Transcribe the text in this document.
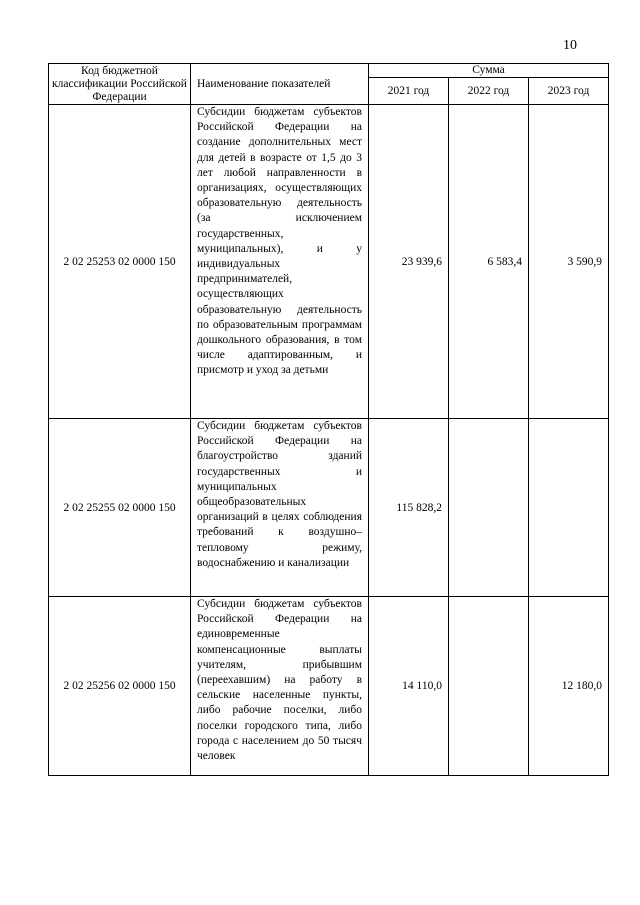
10
Код бюджетной классификации Российской Федерации	Наименование показателей	Сумма		
		2021 год	2022 год	2023 год
2 02 25253 02 0000 150	Субсидии бюджетам субъектов Российской Федерации на создание дополнительных мест для детей в возрасте от 1,5 до 3 лет любой направленности в организациях, осуществляющих образовательную деятельность (за исключением государственных, муниципальных), и у индивидуальных предпринимателей, осуществляющих образовательную деятельность по образовательным программам дошкольного образования, в том числе адаптированным, и присмотр и уход за детьми	23 939,6	6 583,4	3 590,9
2 02 25255 02 0000 150	Субсидии бюджетам субъектов Российской Федерации на благоустройство зданий государственных и муниципальных общеобразовательных организаций в целях соблюдения требований к воздушно–тепловому режиму, водоснабжению и канализации	115 828,2		
2 02 25256 02 0000 150	Субсидии бюджетам субъектов Российской Федерации на единовременные компенсационные выплаты учителям, прибывшим (переехавшим) на работу в сельские населенные пункты, либо рабочие поселки, либо поселки городского типа, либо города с населением до 50 тысяч человек	14 110,0		12 180,0
